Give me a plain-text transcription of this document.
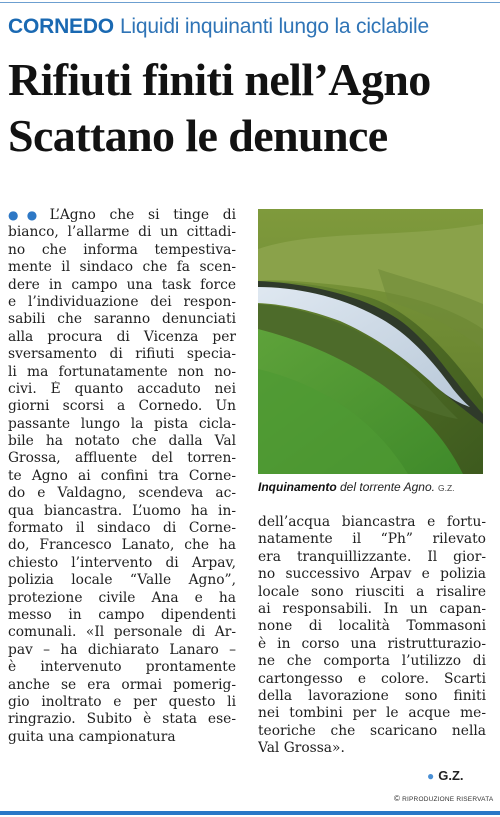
CORNEDO Liquidi inquinanti lungo la ciclabile
Rifiuti finiti nell’Agno
Scattano le denunce
●● L’Agno che si tinge di
bianco, l’allarme di un cittadi-
no che informa tempestiva-
mente il sindaco che fa scen-
dere in campo una task force
e l’individuazione dei respon-
sabili che saranno denunciati
alla procura di Vicenza per
sversamento di rifiuti specia-
li ma fortunatamente non no-
civi. È quanto accaduto nei
giorni scorsi a Cornedo. Un
passante lungo la pista cicla-
bile ha notato che dalla Val
Grossa, affluente del torren-
te Agno ai confini tra Corne-
do e Valdagno, scendeva ac-
qua biancastra. L’uomo ha in-
formato il sindaco di Corne-
do, Francesco Lanato, che ha
chiesto l’intervento di Arpav,
polizia locale “Valle Agno”,
protezione civile Ana e ha
messo in campo dipendenti
comunali. «Il personale di Ar-
pav – ha dichiarato Lanaro –
è intervenuto prontamente
anche se era ormai pomerig-
gio inoltrato e per questo li
ringrazio. Subito è stata ese-
guita una campionatura
Inquinamento del torrente Agno. G.Z.
dell’acqua biancastra e fortu-
natamente il “Ph” rilevato
era tranquillizzante. Il gior-
no successivo Arpav e polizia
locale sono riusciti a risalire
ai responsabili. In un capan-
none di località Tommasoni
è in corso una ristrutturazio-
ne che comporta l’utilizzo di
cartongesso e colore. Scarti
della lavorazione sono finiti
nei tombini per le acque me-
teoriche che scaricano nella
Val Grossa».
● G.Z.
© RIPRODUZIONE RISERVATA
